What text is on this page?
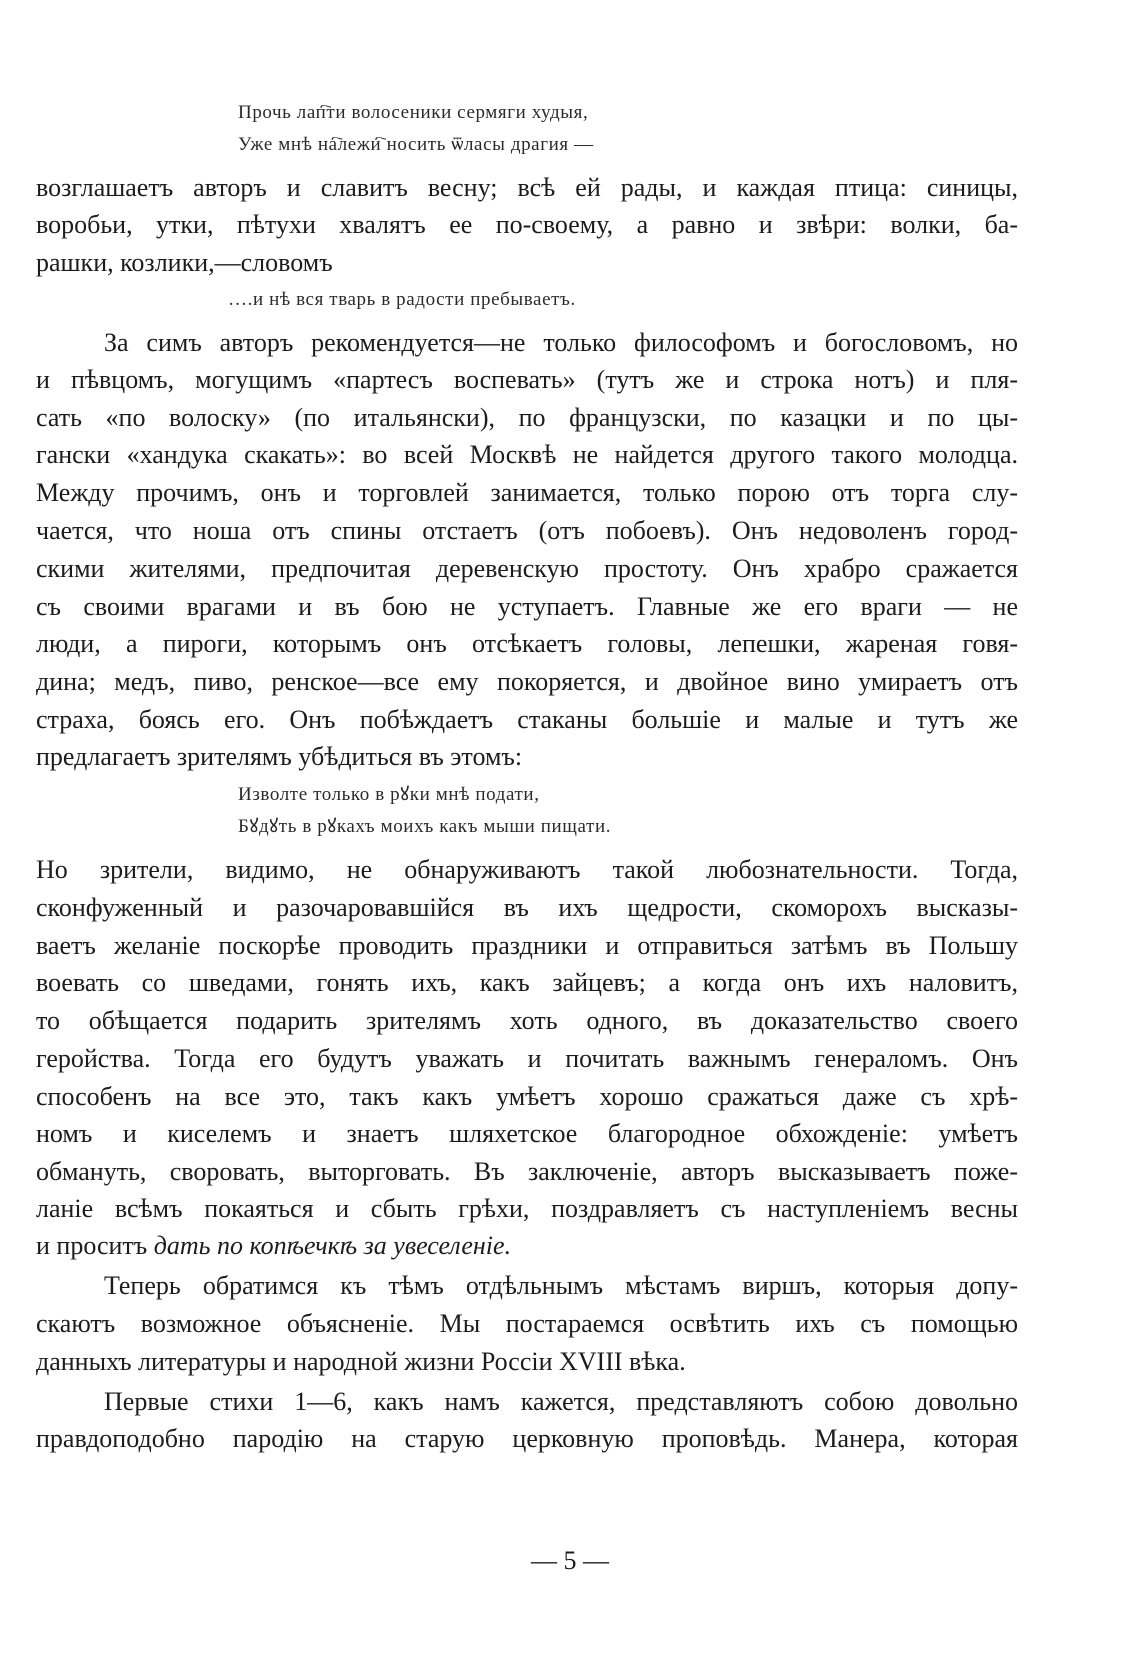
Прочь лап҇ти волосеники сермяги худыя,
Уже мнѣ на҇лежи҇ носить ѿласы драгия —
возглашаетъ авторъ и славитъ весну; всѣ ей рады, и каждая птица: синицы,
воробьи, утки, пѣтухи хвалятъ ее по-своему, а равно и звѣри: волки, ба-
рашки, козлики,—словомъ
….и нѣ вся тварь в радости пребываетъ.
За симъ авторъ рекомендуется—не только философомъ и богословомъ, но
и пѣвцомъ, могущимъ «партесъ воспевать» (тутъ же и строка нотъ) и пля-
сать «по волоску» (по итальянски), по французски, по казацки и по цы-
гански «хандука скакать»: во всей Москвѣ не найдется другого такого молодца.
Между прочимъ, онъ и торговлей занимается, только порою отъ торга слу-
чается, что ноша отъ спины отстаетъ (отъ побоевъ). Онъ недоволенъ город-
скими жителями, предпочитая деревенскую простоту. Онъ храбро сражается
съ своими врагами и въ бою не уступаетъ. Главные же его враги — не
люди, а пироги, которымъ онъ отсѣкаетъ головы, лепешки, жареная говя-
дина; медъ, пиво, ренское—все ему покоряется, и двойное вино умираетъ отъ
страха, боясь его. Онъ побѣждаетъ стаканы большіе и малые и тутъ же
предлагаетъ зрителямъ убѣдиться въ этомъ:
Изволте только в рꙋки мнѣ подати,
Бꙋдꙋть в рꙋкахъ моихъ какъ мыши пищати.
Но зрители, видимо, не обнаруживаютъ такой любознательности. Тогда,
сконфуженный и разочаровавшійся въ ихъ щедрости, скоморохъ высказы-
ваетъ желаніе поскорѣе проводить праздники и отправиться затѣмъ въ Польшу
воевать со шведами, гонять ихъ, какъ зайцевъ; а когда онъ ихъ наловитъ,
то обѣщается подарить зрителямъ хоть одного, въ доказательство своего
геройства. Тогда его будутъ уважать и почитать важнымъ генераломъ. Онъ
способенъ на все это, такъ какъ умѣетъ хорошо сражаться даже съ хрѣ-
номъ и киселемъ и знаетъ шляхетское благородное обхожденіе: умѣетъ
обмануть, своровать, выторговать. Въ заключеніе, авторъ высказываетъ поже-
ланіе всѣмъ покаяться и сбыть грѣхи, поздравляетъ съ наступленіемъ весны
и проситъ дать по копѣечкѣ за увеселеніе.
Теперь обратимся къ тѣмъ отдѣльнымъ мѣстамъ виршъ, которыя допу-
скаютъ возможное объясненіе. Мы постараемся освѣтить ихъ съ помощью
данныхъ литературы и народной жизни Россіи XVIII вѣка.
Первые стихи 1—6, какъ намъ кажется, представляютъ собою довольно
правдоподобно пародію на старую церковную проповѣдь. Манера, которая
— 5 —
